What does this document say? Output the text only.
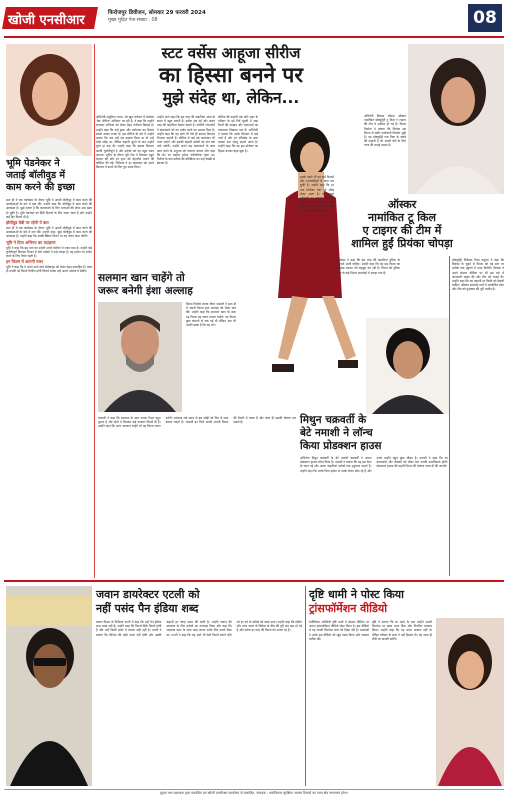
खोजी एनसीआर	फिरोजपुर डिवीजन, सोमवार 29 फरवरी 2024
मुख्य मुद्रित पेज संख्या : 08	08
स्टट वर्सेस आहूजा सीरीज
का हिस्सा बनने पर
मुझे संदेह था, लेकिन...
अभिनेत्री अनुप्रिया भारत, जो खुश वर्तमान में प्रोजेक्ट 'वेब' सीरीज 'अभिनय' जा रही है, ने कहा कि उन्होंने लगातार अभिनय को लेकर बेहद गंभीरता दिखाई है। उन्होंने कहा कि उन्हें ड्रामा और मनोरंजन का मिश्रण सबसे अच्छा लगता है। इस सीरीज के बारे में उन्होंने बताया कि जब उन्हें यह प्रस्ताव मिला था तो उन्हें थोड़ा संदेह था, लेकिन कहानी सुनने के बाद उन्होंने तुरंत हां कह दी। उन्होंने कहा कि इसका किरदार काफी चुनौतीपूर्ण है और दर्शकों को यह बहुत पसंद आएगा। शूटिंग के दौरान पूरी टीम ने मिलकर बहुत मेहनत की और हर दृश्य को बेहतरीन बनाने की कोशिश की गई। निर्देशक ने हर कलाकार को अपने किरदार में ढलने के लिए पूरा समय दिया।
उन्होंने आगे कहा कि इस तरह की कहानियां आज के समय में बहुत जरूरी हैं। दर्शक अब नई और अलग तरह की कहानियां देखना चाहते हैं। ओटीटी प्लेटफॉर्म ने कलाकारों को नए प्रयोग करने का अवसर दिया है। उन्होंने कहा कि वह आगे भी ऐसे ही दमदार किरदार निभाना चाहती हैं। सीरीज में कई बड़े कलाकार भी नजर आएंगे और इसकी कहानी दर्शकों को अंत तक बांधे रखेगी। उन्होंने अपने सह कलाकारों के साथ काम करने के अनुभव को यादगार बताया और कहा कि सेट पर माहौल हमेशा पारिवारिक रहता था। रिलीज के बाद दर्शकों की प्रतिक्रिया का उन्हें बेसब्री से इंतजार है।
सीरीज की कहानी एक छोटे शहर के परिवार के इर्द गिर्द घूमती है जहां रिश्तों की उलझन और भावनाओं का तानाबाना दिखाया गया है। अभिनेत्री ने बताया कि उनके किरदार में कई परतें हैं और हर एपिसोड के साथ उसका नया पहलू सामने आता है। उन्होंने कहा कि वह इस प्रोजेक्ट का हिस्सा बनकर बेहद खुश हैं।
इसके पहले भी वह कई फिल्मों और धारावाहिकों में काम कर चुकी हैं। उन्होंने कहा कि हर नया प्रोजेक्ट एक नई सीख लेकर आता है। वह अपने प्रशंसकों का धन्यवाद करती हैं जिन्होंने हमेशा उनका साथ दिया। सीरीज जल्द ही ओटीटी प्लेटफॉर्म पर रिलीज होगी।
भूमि पेडनेकर ने
जताई बॉलीवुड में
काम करने की इच्छा

हाल ही में एक कार्यक्रम के दौरान भूमि ने अपनी बॉलीवुड में काम करने की आकांक्षाओं के बारे में बात की। उन्होंने कहा कि बॉलीवुड में काम करने की आकांक्षा है। मुझे लगता है कि कलाकारों के लिए भाषाओं की सीमा अब खत्म हो चुकी है। भूमि पेडनेकर को हिंदी फिल्मों के लिए जाना जाता है और उन्होंने कई हिट फिल्में दी हैं।

हॉलीवुड बेबी पर रहेगी ये बात

हाल ही में एक कार्यक्रम के दौरान भूमि ने अपनी बॉलीवुड में काम करने की आकांक्षाओं के बारे में बात की। उन्होंने कहा, मुझे बॉलीवुड में काम करने की आकांक्षा है। उन्होंने कहा कि अच्छी स्क्रिप्ट मिलने पर वह जरूर काम करेंगी।

भूमि ने दिया अभिनय का उदाहरण

भूमि ने कहा कि इस बात का उन्होंने अपने करियर में ध्यान रखा है। उन्होंने कई चुनौतीपूर्ण किरदार निभाए हैं और दर्शकों ने उन्हें सराहा है। वह हमेशा नए प्रयोग करने के लिए तैयार रहती हैं।

इन फिल्म में आएगी नजर

भूमि ने कहा कि वे अपने आने वाले प्रोजेक्ट्स को लेकर बेहद उत्साहित हैं। जल्द ही उनकी नई फिल्में रिलीज होंगी जिनमें दर्शक उन्हें अलग अंदाज में देखेंगे।

सलमान खान चाहेंगे तो
जरूर बनेगी इंशा अल्लाह
फिल्म निर्माता संजय लीला भंसाली ने हाल ही में अपनी फिल्म इंशा अल्लाह को लेकर बात की। उन्होंने कहा कि सलमान खान के साथ यह फिल्म वह जरूर बनाना चाहेंगे। यह फिल्म कुछ कारणों से रुक गई थी लेकिन अब भी उनकी इच्छा है कि यह बने।
भंसाली ने कहा कि सलमान के साथ उनका रिश्ता बहुत पुराना है और दोनों ने मिलकर कई यादगार फिल्में दी हैं। उन्होंने कहा कि अगर सलमान चाहेंगे तो यह फिल्म जरूर बनेगी। प्रशंसक लंबे समय से इस जोड़ी को फिर से साथ देखना चाहते हैं। भंसाली इन दिनों अपनी अगली फिल्म की तैयारी में व्यस्त हैं और जल्द ही इसकी घोषणा कर सकते हैं।
ऑस्कर
नामांकित टू किल
ए टाइगर की टीम में
शामिल हुईं प्रियंका चोपड़ा
अभिनेत्री प्रियंका चोपड़ा ऑस्कर नामांकित डॉक्यूमेंट्री टू किल ए टाइगर की टीम में शामिल हो गई हैं। फिल्म निर्माता ने बताया कि प्रियंका इस फिल्म से बतौर कार्यकारी निर्माता जुड़ी हैं। यह डॉक्यूमेंट्री एक पिता के संघर्ष की कहानी है जो अपनी बेटी के लिए न्याय की लड़ाई लड़ता है।
प्रियंका ने कहा कि इस तरह की कहानियां दुनिया के सामने आनी चाहिए। उन्होंने कहा कि वह इस फिल्म का हिस्सा बनकर गर्व महसूस कर रही हैं। फिल्म को दुनिया भर के कई फिल्म समारोहों में सराहा गया है।
डॉक्यूमेंट्री निर्देशक निशा पाहूजा ने कहा कि प्रियंका के जुड़ने से फिल्म को बड़े स्तर पर दर्शकों तक पहुंचने में मदद मिलेगी। प्रियंका ने अपने सोशल मीडिया पर भी इस बारे में जानकारी साझा की और टीम को बधाई दी। उन्होंने कहा कि यह कहानी हर किसी को देखनी चाहिए। ऑस्कर समारोह मार्च में आयोजित होगा और टीम को पुरस्कार की पूरी उम्मीद है।
मिथुन चक्रवर्ती के
बेटे नमाशी ने लॉन्च
किया प्रोडक्शन हाउस
अभिनेता मिथुन चक्रवर्ती के बेटे नमाशी चक्रवर्ती ने अपना प्रोडक्शन हाउस लॉन्च किया है। नमाशी ने बताया कि वह इस बैनर के तहत नई और अलग कहानियां दर्शकों तक पहुंचाना चाहते हैं। उन्होंने कहा कि उनके पिता हमेशा से उनके प्रेरणा स्रोत रहे हैं और उनसे उन्होंने बहुत कुछ सीखा है। नमाशी ने कहा कि नए कलाकारों और लेखकों को मौका देना उनकी प्राथमिकता होगी। प्रोडक्शन हाउस की पहली फिल्म की घोषणा जल्द ही की जाएगी।
जवान डायरेक्टर एटली को
नहीं पसंद पैन इंडिया शब्द
जवान फिल्म के निर्देशक एटली ने कहा कि उन्हें पैन इंडिया शब्द पसंद नहीं है। उन्होंने कहा कि फिल्में सिर्फ फिल्में होती हैं और उन्हें किसी दायरे में बांधना सही नहीं है। एटली ने बताया कि सिनेमा की कोई भाषा नहीं होती और अच्छी कहानी हर जगह पसंद की जाती है। उन्होंने जवान की सफलता के लिए दर्शकों का धन्यवाद किया और कहा कि शाहरुख खान के साथ काम करना उनके लिए सपने जैसा था। एटली ने कहा कि वह आगे भी ऐसी फिल्में बनाते रहेंगे जो हर वर्ग के दर्शकों को पसंद आएं। उन्होंने कहा कि दक्षिण और उत्तर भारत के सिनेमा के बीच की दूरी अब कम हो गई है और दर्शक हर तरह की फिल्म को अपना रहे हैं।
दृष्टि धामी ने पोस्ट किया
ट्रांसफॉर्मेशन वीडियो
टेलीविजन अभिनेत्री दृष्टि धामी ने सोशल मीडिया पर अपना ट्रांसफॉर्मेशन वीडियो पोस्ट किया है। इस वीडियो में वह अपनी फिटनेस यात्रा को दिखा रही हैं। प्रशंसकों ने उनके इस वीडियो को खूब पसंद किया और जमकर तारीफ की।
दृष्टि ने बताया कि मां बनने के बाद उन्होंने अपनी फिटनेस पर खास ध्यान दिया और नियमित व्यायाम किया। उन्होंने कहा कि यह सफर आसान नहीं था लेकिन परिवार के साथ ने उन्हें हिम्मत दी। वह जल्द ही टीवी पर वापसी करेंगी।
मुद्रक तथा प्रकाशक द्वारा प्रकाशित एवं खोजी एनसीआर कार्यालय से प्रकाशित, संपादक : सर्वाधिकार सुरक्षित। समस्त विवादों का न्याय क्षेत्र न्यायालय होगा।
